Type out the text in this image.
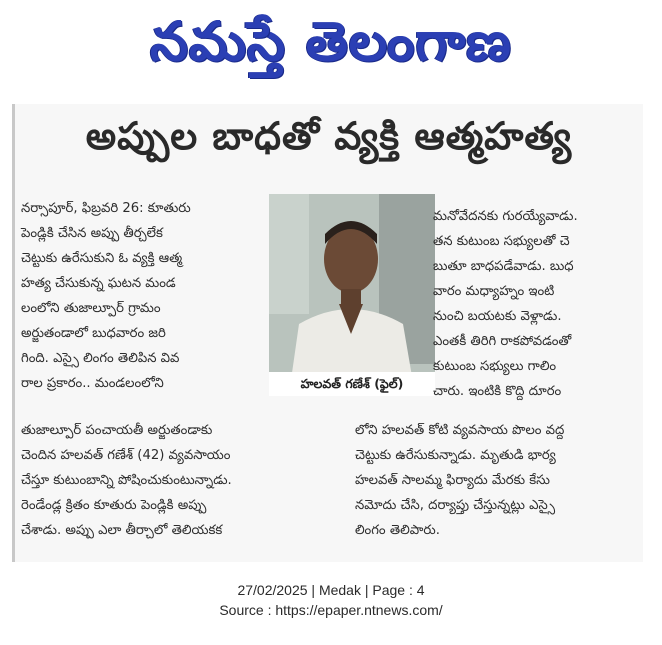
నమస్తే తెలంగాణ
అప్పుల బాధతో వ్యక్తి ఆత్మహత్య
నర్సాపూర్, ఫిబ్రవరి 26: కూతురు
పెండ్లికి చేసిన అప్పు తీర్చలేక
చెట్టుకు ఉరేసుకుని ఓ వ్యక్తి ఆత్మ
హత్య చేసుకున్న ఘటన మండ
లంలోని తుజాల్పూర్ గ్రామం
అర్జుతండాలో బుధవారం జరి
గింది. ఎస్సై లింగం తెలిపిన వివ
రాల ప్రకారం.. మండలంలోని	హలవత్ గణేశ్ (ఫైల్)
మనోవేదనకు గురయ్యేవాడు.
తన కుటుంబ సభ్యులతో చె
బుతూ బాధపడేవాడు. బుధ
వారం మధ్యాహ్నం ఇంటి
నుంచి బయటకు వెళ్లాడు.
ఎంతకీ తిరిగి రాకపోవడంతో
కుటుంబ సభ్యులు గాలిం
చారు. ఇంటికి కొద్ది దూరం
తుజాల్పూర్ పంచాయతీ అర్జుతండాకు
చెందిన హలవత్ గణేశ్ (42) వ్యవసాయం
చేస్తూ కుటుంబాన్ని పోషించుకుంటున్నాడు.
రెండేండ్ల క్రితం కూతురు పెండ్లికి అప్పు
చేశాడు. అప్పు ఎలా తీర్చాలో తెలియకక
లోని హలవత్ కోటి వ్యవసాయ పొలం వద్ద
చెట్టుకు ఉరేసుకున్నాడు. మృతుడి భార్య
హలవత్ సాలమ్మ ఫిర్యాదు మేరకు కేసు
నమోదు చేసి, దర్యాప్తు చేస్తున్నట్లు ఎస్సై
లింగం తెలిపారు.
27/02/2025 | Medak | Page : 4
Source : https://epaper.ntnews.com/
